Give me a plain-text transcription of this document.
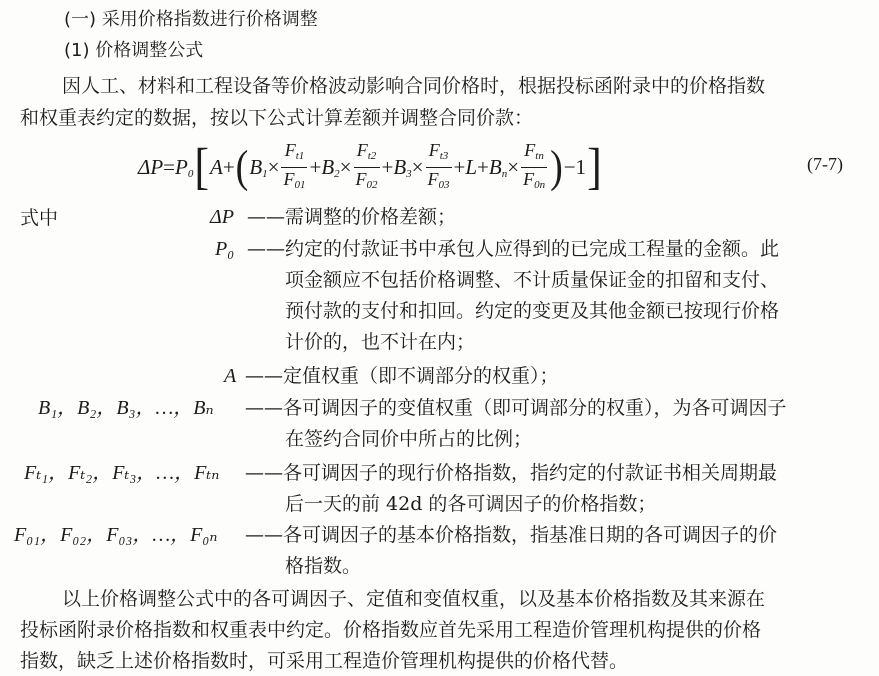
(一) 采用价格指数进行价格调整
(1) 价格调整公式
因人工、材料和工程设备等价格波动影响合同价格时，根据投标函附录中的价格指数
和权重表约定的数据，按以下公式计算差额并调整合同价款：
$\Delta P = P_0$ [ A + ( $B_1 \times \frac{F_{t1}}{F_{01}} + B_2 \times \frac{F_{t2}}{F_{02}} + B_3 \times \frac{F_{t3}}{F_{03}} + L + B_n \times \frac{F_{tn}}{F_{0n}}$ ) −1 ]	(7-7)
式中	ΔP ——需调整的价格差额；
P₀ ——约定的付款证书中承包人应得到的已完成工程量的金额。此
项金额应不包括价格调整、不计质量保证金的扣留和支付、
预付款的支付和扣回。约定的变更及其他金额已按现行价格
计价的，也不计在内；
A ——定值权重（即不调部分的权重）；
B₁，B₂，B₃，…，Bₙ ——各可调因子的变值权重（即可调部分的权重），为各可调因子
在签约合同价中所占的比例；
Fₜ₁，Fₜ₂，Fₜ₃，…，Fₜₙ ——各可调因子的现行价格指数，指约定的付款证书相关周期最
后一天的前 42d 的各可调因子的价格指数；
F₀₁，F₀₂，F₀₃，…，F₀ₙ ——各可调因子的基本价格指数，指基准日期的各可调因子的价
格指数。
以上价格调整公式中的各可调因子、定值和变值权重，以及基本价格指数及其来源在
投标函附录价格指数和权重表中约定。价格指数应首先采用工程造价管理机构提供的价格
指数，缺乏上述价格指数时，可采用工程造价管理机构提供的价格代替。
